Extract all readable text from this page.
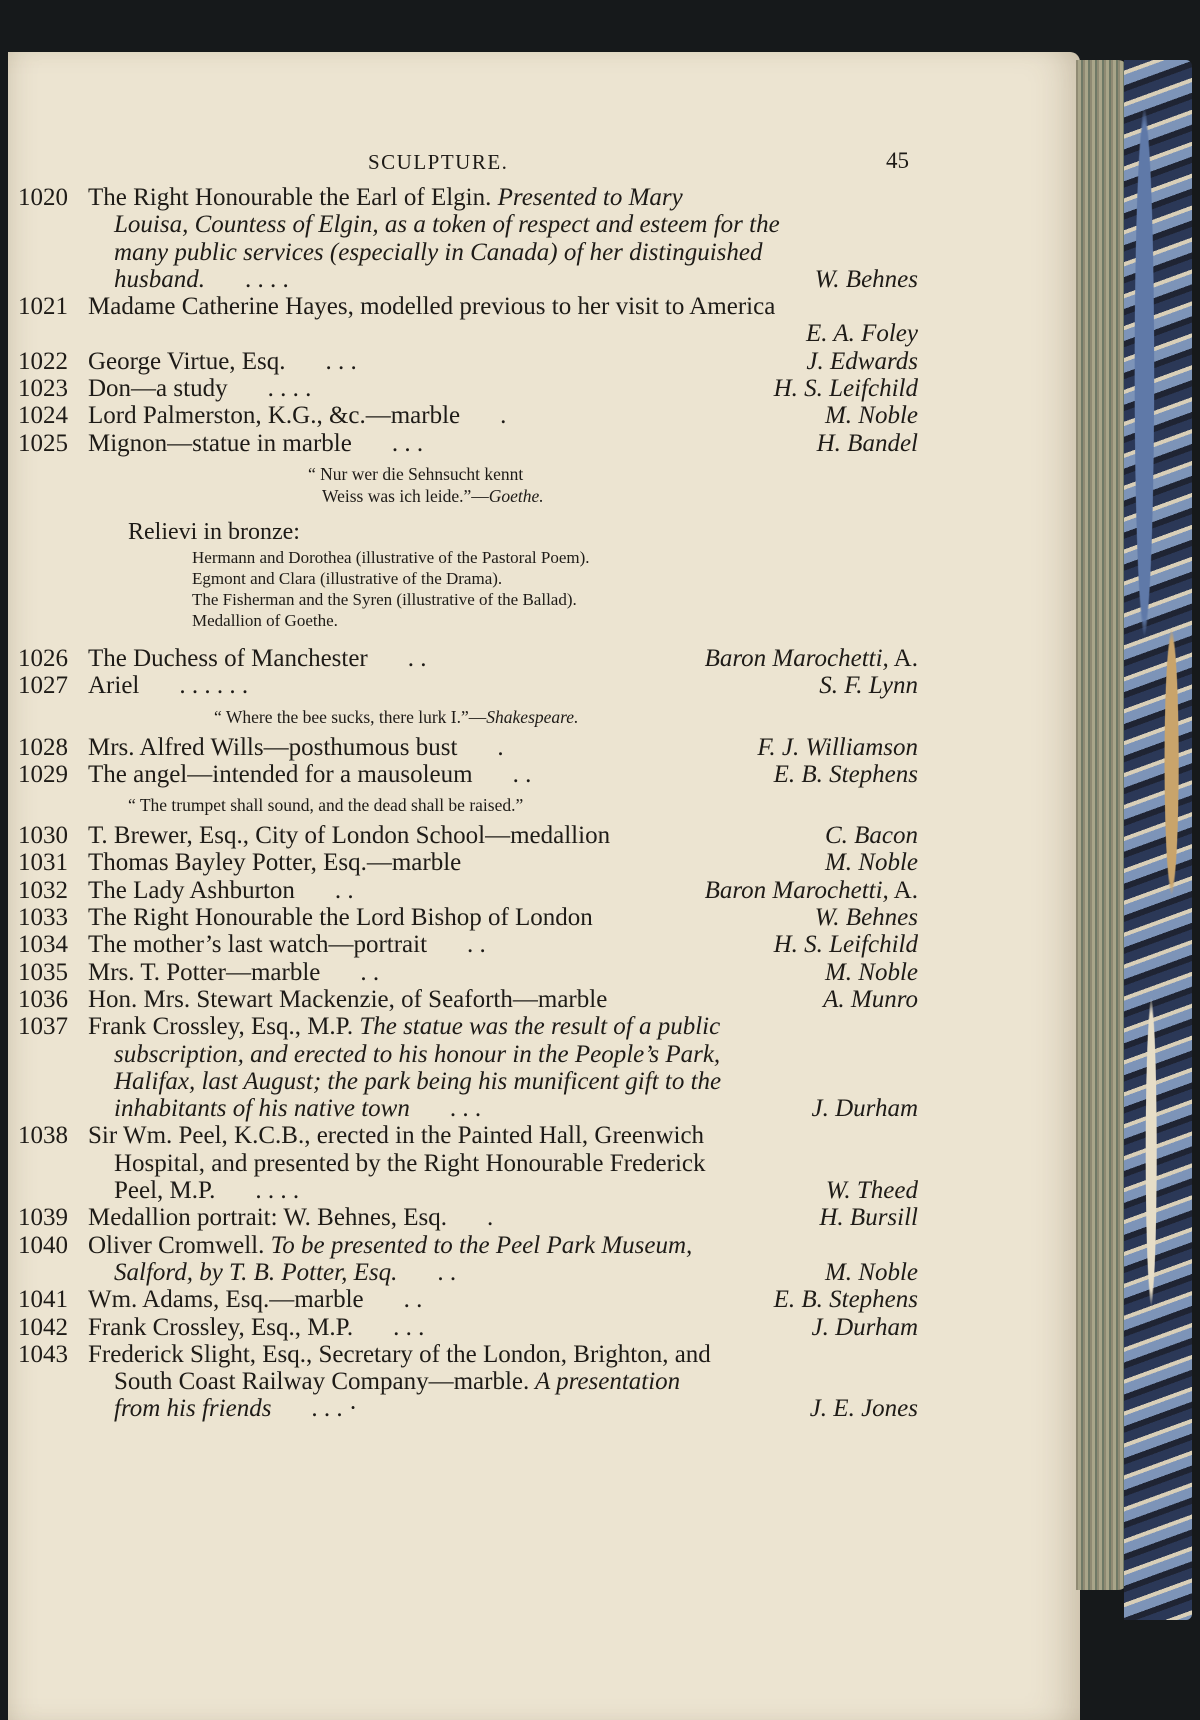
SCULPTURE.	45
1020 The Right Honourable the Earl of Elgin. Presented to Mary
Louisa, Countess of Elgin, as a token of respect and esteem for the
many public services (especially in Canada) of her distinguished
husband. . . . .	W. Behnes
1021 Madame Catherine Hayes, modelled previous to her visit to America
E. A. Foley
1022 George Virtue, Esq. . . .	J. Edwards
1023 Don—a study . . . .	H. S. Leifchild
1024 Lord Palmerston, K.G., &c.—marble .	M. Noble
1025 Mignon—statue in marble . . .	H. Bandel
“ Nur wer die Sehnsucht kennt
Weiss was ich leide.”—Goethe.
Relievi in bronze:
Hermann and Dorothea (illustrative of the Pastoral Poem).
Egmont and Clara (illustrative of the Drama).
The Fisherman and the Syren (illustrative of the Ballad).
Medallion of Goethe.
1026 The Duchess of Manchester . .	Baron Marochetti, A.
1027 Ariel . . . . . .	S. F. Lynn
“ Where the bee sucks, there lurk I.”—Shakespeare.
1028 Mrs. Alfred Wills—posthumous bust .	F. J. Williamson
1029 The angel—intended for a mausoleum . .	E. B. Stephens
“ The trumpet shall sound, and the dead shall be raised.”
1030 T. Brewer, Esq., City of London School—medallion	C. Bacon
1031 Thomas Bayley Potter, Esq.—marble	M. Noble
1032 The Lady Ashburton . .	Baron Marochetti, A.
1033 The Right Honourable the Lord Bishop of London	W. Behnes
1034 The mother’s last watch—portrait . .	H. S. Leifchild
1035 Mrs. T. Potter—marble . .	M. Noble
1036 Hon. Mrs. Stewart Mackenzie, of Seaforth—marble	A. Munro
1037 Frank Crossley, Esq., M.P. The statue was the result of a public
subscription, and erected to his honour in the People’s Park,
Halifax, last August; the park being his munificent gift to the
inhabitants of his native town . . .	J. Durham
1038 Sir Wm. Peel, K.C.B., erected in the Painted Hall, Greenwich
Hospital, and presented by the Right Honourable Frederick
Peel, M.P. . . . .	W. Theed
1039 Medallion portrait: W. Behnes, Esq. .	H. Bursill
1040 Oliver Cromwell. To be presented to the Peel Park Museum,
Salford, by T. B. Potter, Esq. . .	M. Noble
1041 Wm. Adams, Esq.—marble . .	E. B. Stephens
1042 Frank Crossley, Esq., M.P. . . .	J. Durham
1043 Frederick Slight, Esq., Secretary of the London, Brighton, and
South Coast Railway Company—marble. A presentation
from his friends . . . ·	J. E. Jones
